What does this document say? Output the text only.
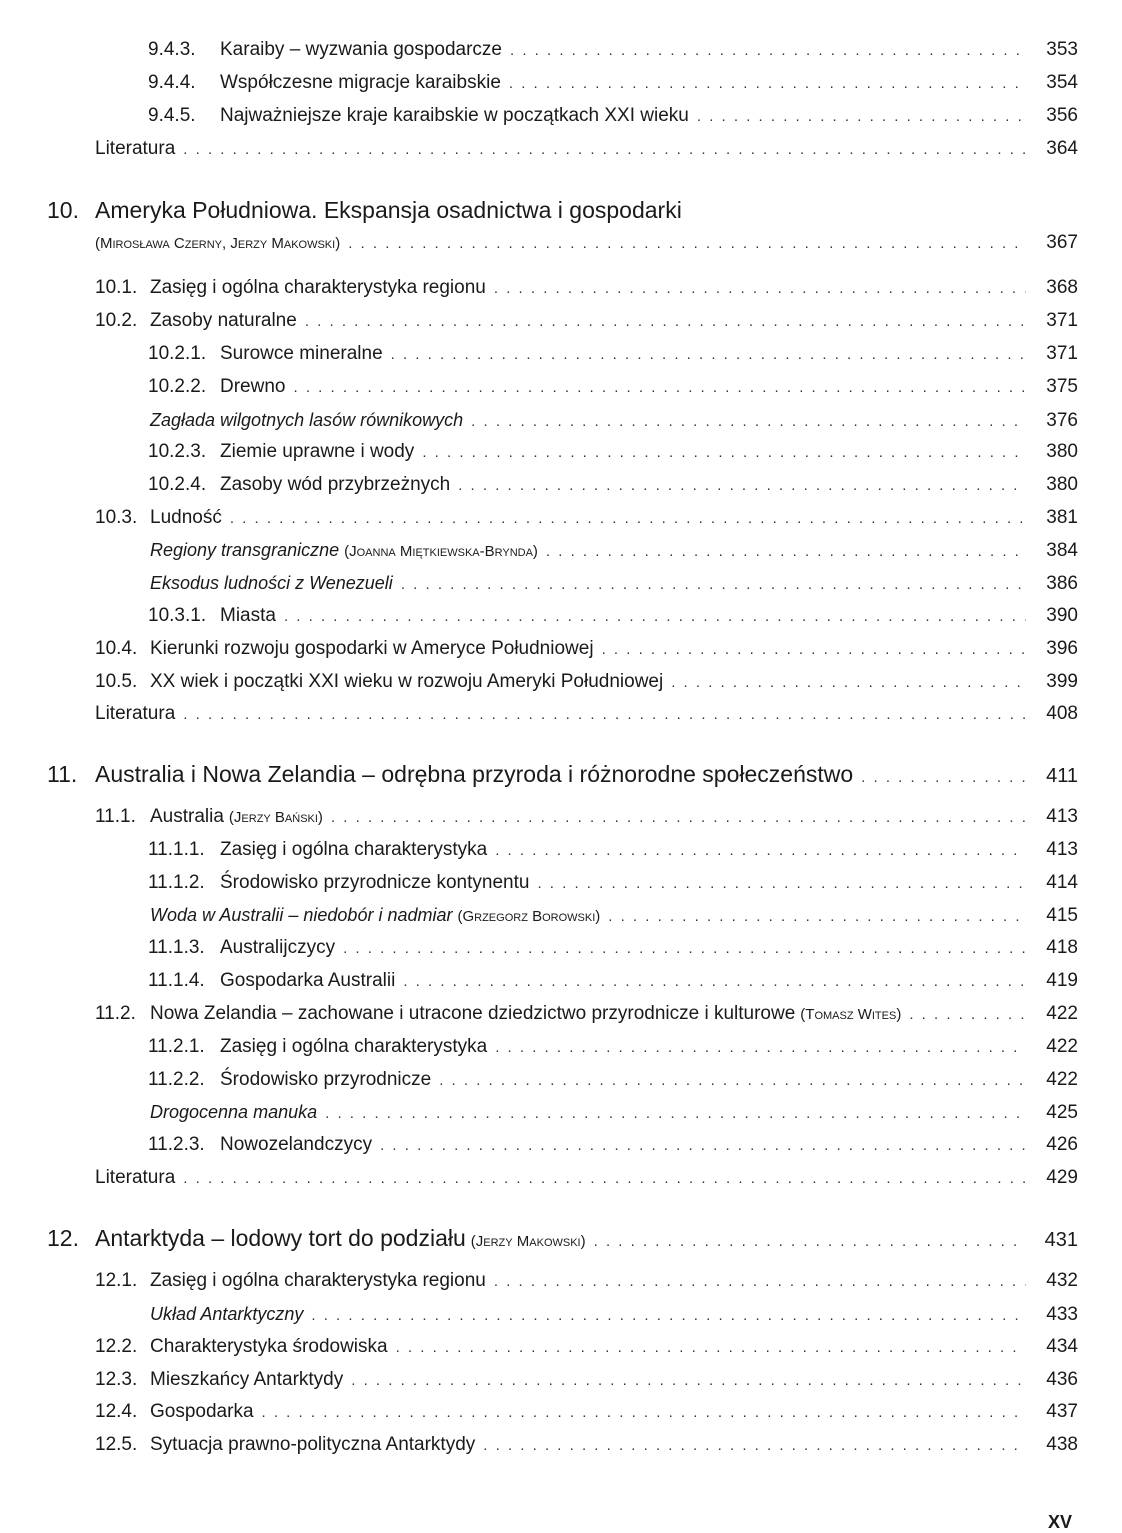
9.4.3.	Karaiby – wyzwania gospodarcze . . .	353
9.4.4.	Współczesne migracje karaibskie . . .	354
9.4.5.	Najważniejsze kraje karaibskie w początkach XXI wieku . . .	356
Literatura . . .	364
10. Ameryka Południowa. Ekspansja osadnictwa i gospodarki
(Mirosława Czerny, Jerzy Makowski) . . .	367
10.1. Zasięg i ogólna charakterystyka regionu . . .	368
10.2. Zasoby naturalne . . .	371
10.2.1. Surowce mineralne . . .	371
10.2.2. Drewno . . .	375
Zagłada wilgotnych lasów równikowych . . .	376
10.2.3. Ziemie uprawne i wody . . .	380
10.2.4. Zasoby wód przybrzeżnych . . .	380
10.3. Ludność . . .	381
Regiony transgraniczne (Joanna Miętkiewska-Brynda) . . .	384
Eksodus ludności z Wenezueli . . .	386
10.3.1. Miasta . . .	390
10.4. Kierunki rozwoju gospodarki w Ameryce Południowej . . .	396
10.5. XX wiek i początki XXI wieku w rozwoju Ameryki Południowej . . .	399
Literatura . . .	408
11. Australia i Nowa Zelandia – odrębna przyroda i różnorodne społeczeństwo . . .	411
11.1. Australia (Jerzy Bański) . . .	413
11.1.1. Zasięg i ogólna charakterystyka . . .	413
11.1.2. Środowisko przyrodnicze kontynentu . . .	414
Woda w Australii – niedobór i nadmiar (Grzegorz Borowski) . . .	415
11.1.3. Australijczycy . . .	418
11.1.4. Gospodarka Australii . . .	419
11.2. Nowa Zelandia – zachowane i utracone dziedzictwo przyrodnicze i kulturowe (Tomasz Wites) . . .	422
11.2.1. Zasięg i ogólna charakterystyka . . .	422
11.2.2. Środowisko przyrodnicze . . .	422
Drogocenna manuka . . .	425
11.2.3. Nowozelandczycy . . .	426
Literatura . . .	429
12. Antarktyda – lodowy tort do podziału (Jerzy Makowski) . . .	431
12.1. Zasięg i ogólna charakterystyka regionu . . .	432
Układ Antarktyczny . . .	433
12.2. Charakterystyka środowiska . . .	434
12.3. Mieszkańcy Antarktydy . . .	436
12.4. Gospodarka . . .	437
12.5. Sytuacja prawno-polityczna Antarktydy . . .	438
XV
